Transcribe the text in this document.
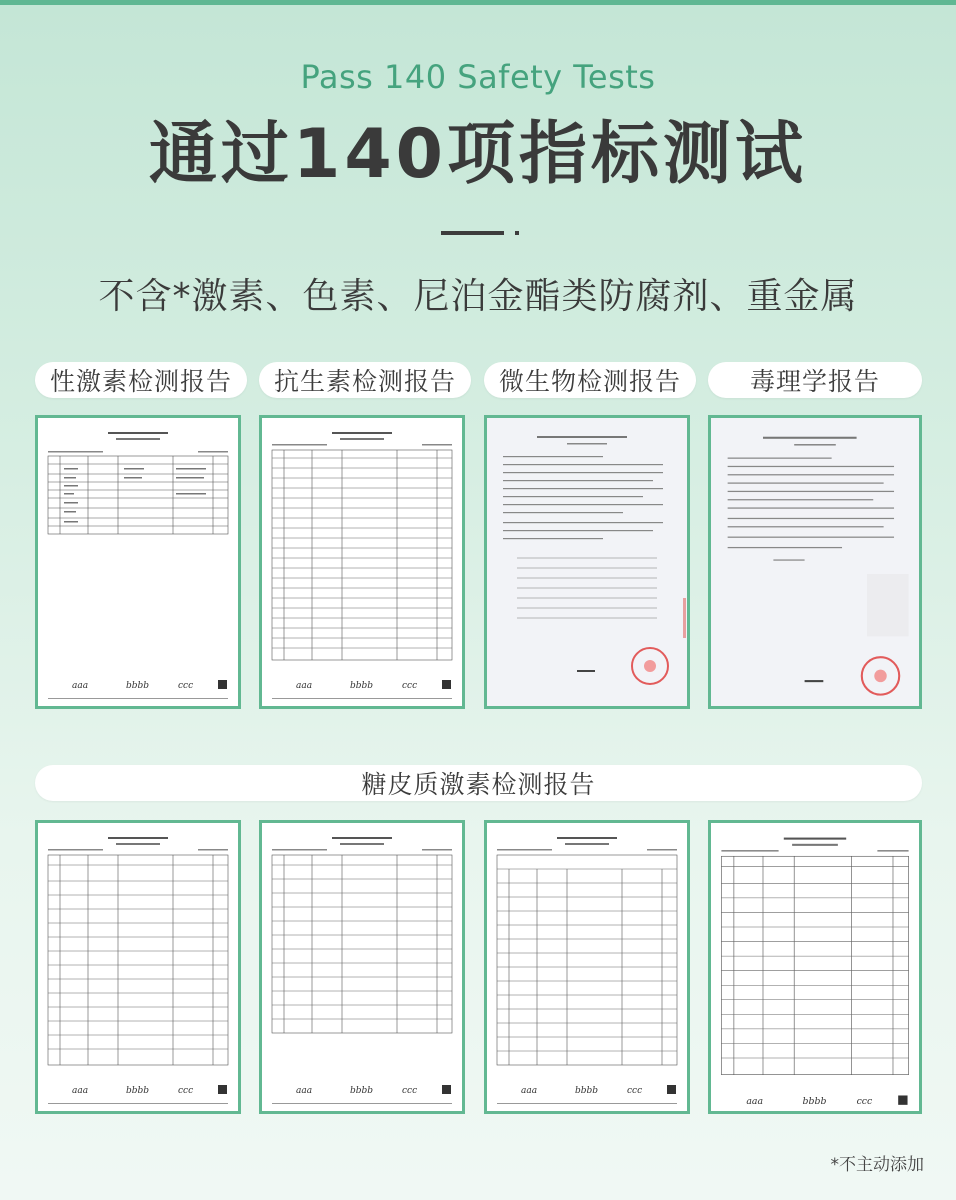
Pass 140 Safety Tests
通过140项指标测试
不含*激素、色素、尼泊金酯类防腐剂、重金属
性激素检测报告	抗生素检测报告	微生物检测报告	毒理学报告
aaa	bbbb	ccc	aaa	bbbb	ccc
糖皮质激素检测报告
aaa	bbbb	ccc	aaa	bbbb	ccc	aaa	bbbb	ccc
aaa	bbbb	ccc
*不主动添加
